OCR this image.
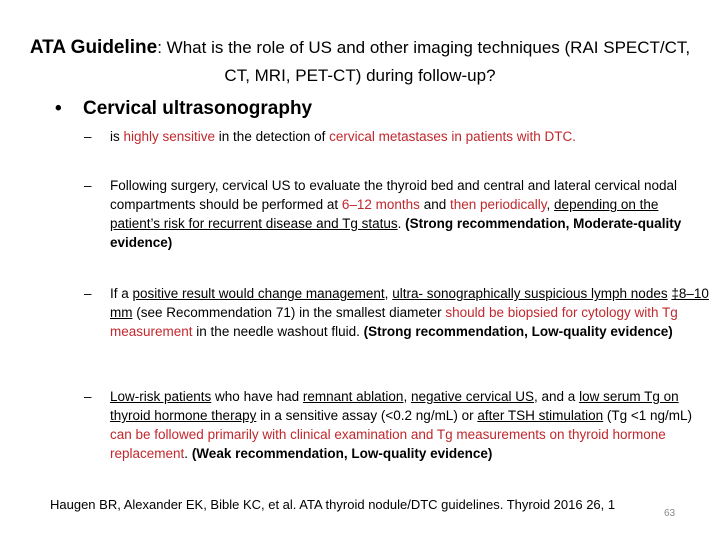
ATA Guideline: What is the role of US and other imaging techniques (RAI SPECT/CT, CT, MRI, PET-CT) during follow-up?
• Cervical ultrasonography
– is highly sensitive in the detection of cervical metastases in patients with DTC.
– Following surgery, cervical US to evaluate the thyroid bed and central and lateral cervical nodal compartments should be performed at 6–12 months and then periodically, depending on the patient’s risk for recurrent disease and Tg status. (Strong recommendation, Moderate-quality evidence)
– If a positive result would change management, ultra- sonographically suspicious lymph nodes ‡8–10 mm (see Recommendation 71) in the smallest diameter should be biopsied for cytology with Tg measurement in the needle washout fluid. (Strong recommendation, Low-quality evidence)
– Low-risk patients who have had remnant ablation, negative cervical US, and a low serum Tg on thyroid hormone therapy in a sensitive assay (<0.2 ng/mL) or after TSH stimulation (Tg <1 ng/mL) can be followed primarily with clinical examination and Tg measurements on thyroid hormone replacement. (Weak recommendation, Low-quality evidence)
Haugen BR, Alexander EK, Bible KC, et al. ATA thyroid nodule/DTC guidelines. Thyroid 2016 26, 1
63
